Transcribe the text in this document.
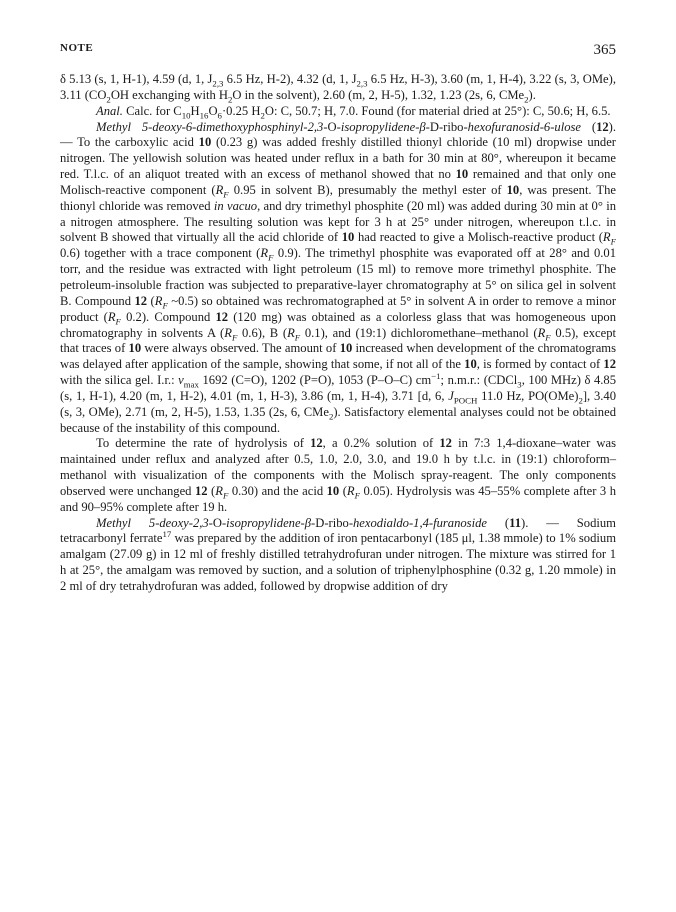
NOTE	365

δ 5.13 (s, 1, H-1), 4.59 (d, 1, $J_{2,3}$ 6.5 Hz, H-2), 4.32 (d, 1, $J_{2,3}$ 6.5 Hz, H-3), 3.60 (m, 1, H-4), 3.22 (s, 3, OMe), 3.11 ($CO_2OH$ exchanging with $H_2O$ in the solvent), 2.60 (m, 2, H-5), 1.32, 1.23 (2s, 6, CMe$_2$).

Anal. Calc. for $C_{10}H_{16}O_6\cdot 0.25$ $H_2O$: C, 50.7; H, 7.0. Found (for material dried at 25°): C, 50.6; H, 6.5.

Methyl 5-deoxy-6-dimethoxyphosphinyl-2,3-O-isopropylidene-β-D-ribo-hexofuranosid-6-ulose (12). — To the carboxylic acid 10 (0.23 g) was added freshly distilled thionyl chloride (10 ml) dropwise under nitrogen. The yellowish solution was heated under reflux in a bath for 30 min at 80°, whereupon it became red. T.l.c. of an aliquot treated with an excess of methanol showed that no 10 remained and that only one Molisch-reactive component ($R_F$ 0.95 in solvent B), presumably the methyl ester of 10, was present. The thionyl chloride was removed in vacuo, and dry trimethyl phosphite (20 ml) was added during 30 min at 0° in a nitrogen atmosphere. The resulting solution was kept for 3 h at 25° under nitrogen, whereupon t.l.c. in solvent B showed that virtually all the acid chloride of 10 had reacted to give a Molisch-reactive product ($R_F$ 0.6) together with a trace component ($R_F$ 0.9). The trimethyl phosphite was evaporated off at 28° and 0.01 torr, and the residue was extracted with light petroleum (15 ml) to remove more trimethyl phosphite. The petroleum-insoluble fraction was subjected to preparative-layer chromatography at 5° on silica gel in solvent B. Compound 12 ($R_F$ ~0.5) so obtained was rechromatographed at 5° in solvent A in order to remove a minor product ($R_F$ 0.2). Compound 12 (120 mg) was obtained as a colorless glass that was homogeneous upon chromatography in solvents A ($R_F$ 0.6), B ($R_F$ 0.1), and (19:1) dichloromethane–methanol ($R_F$ 0.5), except that traces of 10 were always observed. The amount of 10 increased when development of the chromatograms was delayed after application of the sample, showing that some, if not all of the 10, is formed by contact of 12 with the silica gel. I.r.: $\nu_{max}$ 1692 (C=O), 1202 (P=O), 1053 (P–O–C) $cm^{-1}$; n.m.r.: (CDCl$_3$, 100 MHz) δ 4.85 (s, 1, H-1), 4.20 (m, 1, H-2), 4.01 (m, 1, H-3), 3.86 (m, 1, H-4), 3.71 [d, 6, $J_{POCH}$ 11.0 Hz, $PO(OMe)_2$], 3.40 (s, 3, OMe), 2.71 (m, 2, H-5), 1.53, 1.35 (2s, 6, CMe$_2$). Satisfactory elemental analyses could not be obtained because of the instability of this compound.

To determine the rate of hydrolysis of 12, a 0.2% solution of 12 in 7:3 1,4-dioxane–water was maintained under reflux and analyzed after 0.5, 1.0, 2.0, 3.0, and 19.0 h by t.l.c. in (19:1) chloroform–methanol with visualization of the components with the Molisch spray-reagent. The only components observed were unchanged 12 ($R_F$ 0.30) and the acid 10 ($R_F$ 0.05). Hydrolysis was 45–55% complete after 3 h and 90–95% complete after 19 h.

Methyl 5-deoxy-2,3-O-isopropylidene-β-D-ribo-hexodialdo-1,4-furanoside (11). — Sodium tetracarbonyl ferrate$^{17}$ was prepared by the addition of iron pentacarbonyl (185 μl, 1.38 mmole) to 1% sodium amalgam (27.09 g) in 12 ml of freshly distilled tetrahydrofuran under nitrogen. The mixture was stirred for 1 h at 25°, the amalgam was removed by suction, and a solution of triphenylphosphine (0.32 g, 1.20 mmole) in 2 ml of dry tetrahydrofuran was added, followed by dropwise addition of dry
